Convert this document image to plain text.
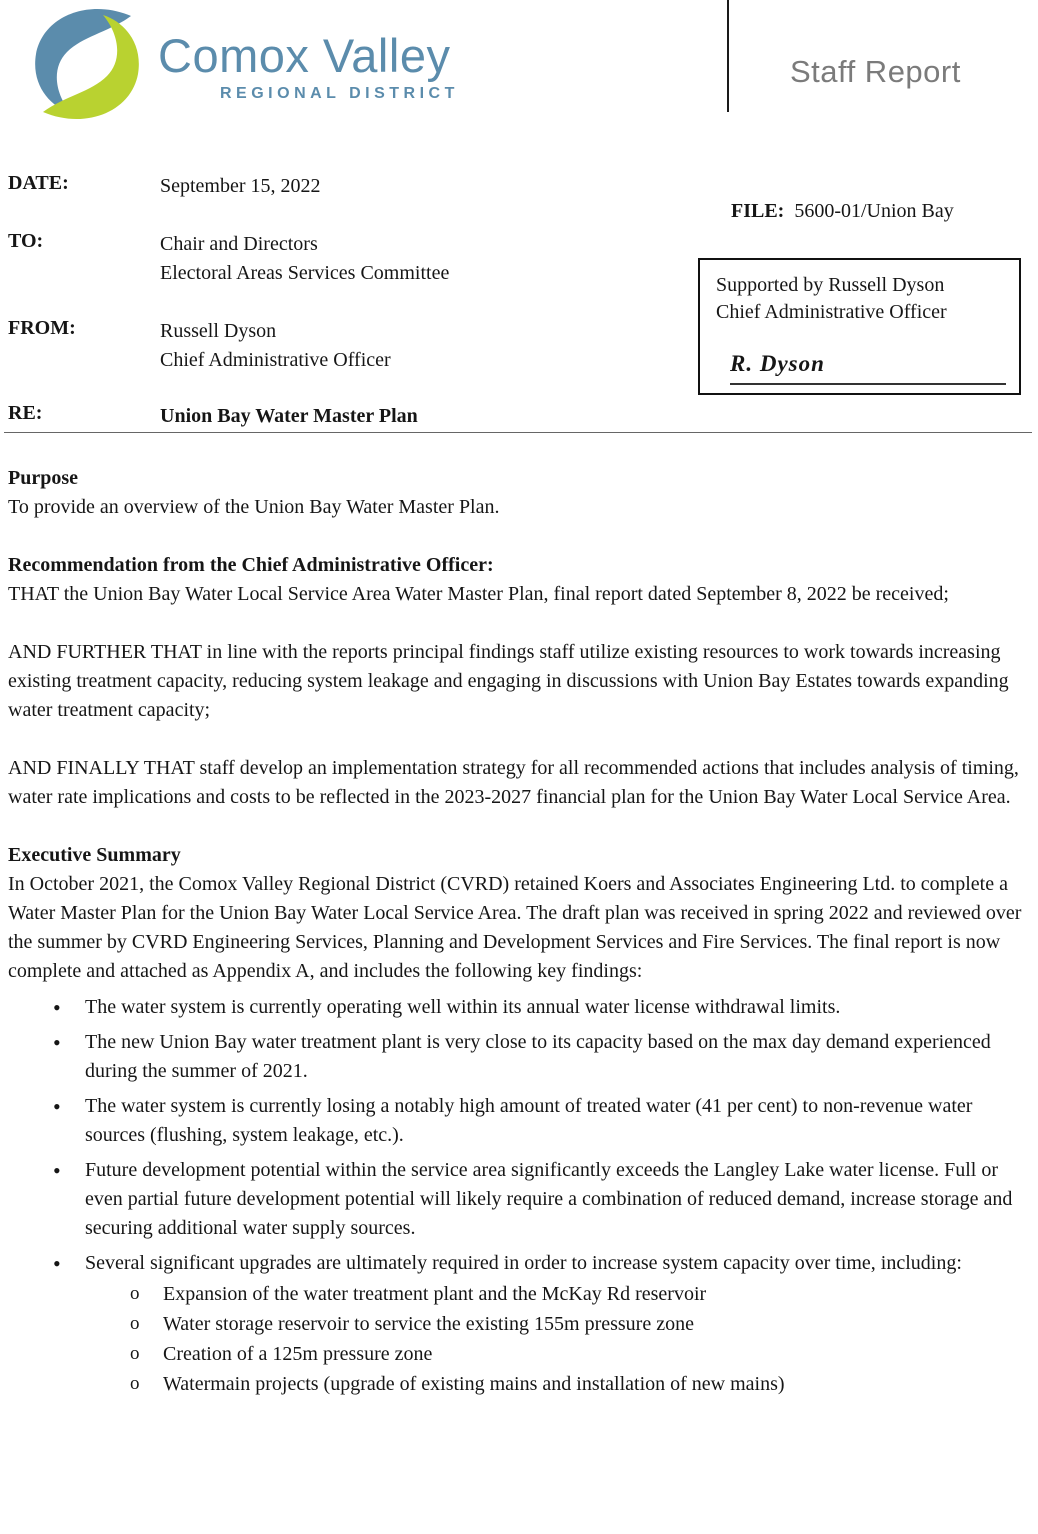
Comox Valley
REGIONAL DISTRICT
Staff Report
DATE:	September 15, 2022
FILE: 5600-01/Union Bay
TO:	Chair and Directors
Electoral Areas Services Committee
FROM:	Russell Dyson
Chief Administrative Officer
Supported by Russell Dyson
Chief Administrative Officer
R. Dyson
RE:	Union Bay Water Master Plan
Purpose

To provide an overview of the Union Bay Water Master Plan.

Recommendation from the Chief Administrative Officer:

THAT the Union Bay Water Local Service Area Water Master Plan, final report dated September 8, 2022 be received;

AND FURTHER THAT in line with the reports principal findings staff utilize existing resources to work towards increasing existing treatment capacity, reducing system leakage and engaging in discussions with Union Bay Estates towards expanding water treatment capacity;

AND FINALLY THAT staff develop an implementation strategy for all recommended actions that includes analysis of timing, water rate implications and costs to be reflected in the 2023-2027 financial plan for the Union Bay Water Local Service Area.

Executive Summary

In October 2021, the Comox Valley Regional District (CVRD) retained Koers and Associates Engineering Ltd. to complete a Water Master Plan for the Union Bay Water Local Service Area. The draft plan was received in spring 2022 and reviewed over the summer by CVRD Engineering Services, Planning and Development Services and Fire Services. The final report is now complete and attached as Appendix A, and includes the following key findings:

• The water system is currently operating well within its annual water license withdrawal limits.
• The new Union Bay water treatment plant is very close to its capacity based on the max day demand experienced during the summer of 2021.
• The water system is currently losing a notably high amount of treated water (41 per cent) to non-revenue water sources (flushing, system leakage, etc.).
• Future development potential within the service area significantly exceeds the Langley Lake water license. Full or even partial future development potential will likely require a combination of reduced demand, increase storage and securing additional water supply sources.
• Several significant upgrades are ultimately required in order to increase system capacity over time, including:
o Expansion of the water treatment plant and the McKay Rd reservoir
o Water storage reservoir to service the existing 155m pressure zone
o Creation of a 125m pressure zone
o Watermain projects (upgrade of existing mains and installation of new mains)
